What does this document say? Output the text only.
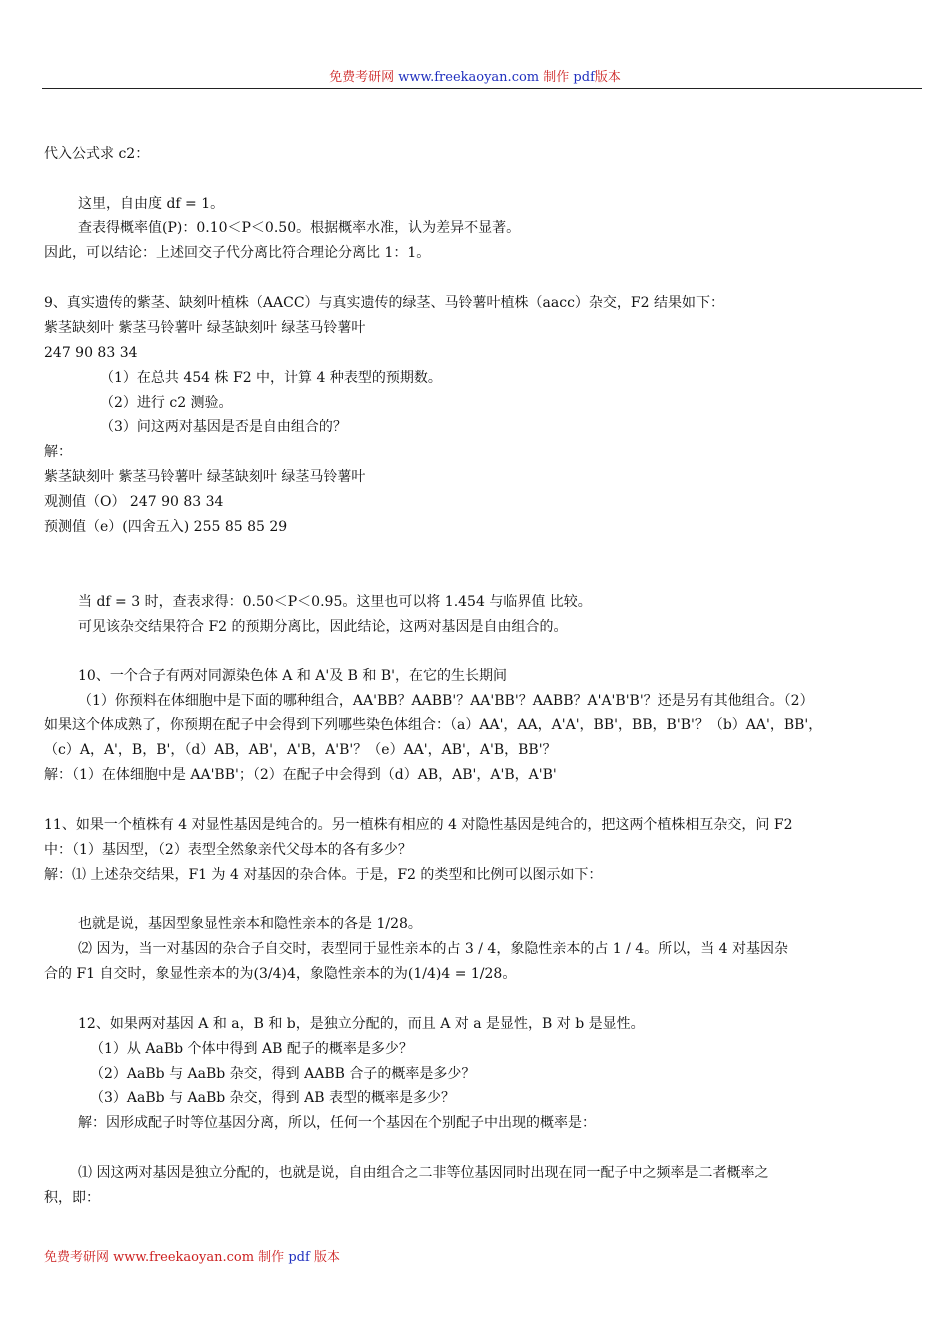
免费考研网 www.freekaoyan.com 制作 pdf版本
代入公式求 c2：
这里，自由度 df = 1。
查表得概率值(P)：0.10＜P＜0.50。根据概率水准，认为差异不显著。
因此，可以结论：上述回交子代分离比符合理论分离比 1：1。
9、真实遗传的紫茎、缺刻叶植株（AACC）与真实遗传的绿茎、马铃薯叶植株（aacc）杂交，F2 结果如下：
紫茎缺刻叶 紫茎马铃薯叶 绿茎缺刻叶 绿茎马铃薯叶
247 90 83 34
（1）在总共 454 株 F2 中，计算 4 种表型的预期数。
（2）进行 c2 测验。
（3）问这两对基因是否是自由组合的？
解：
紫茎缺刻叶 紫茎马铃薯叶 绿茎缺刻叶 绿茎马铃薯叶
观测值（O） 247 90 83 34
预测值（e）(四舍五入) 255 85 85 29
当 df = 3 时，查表求得：0.50＜P＜0.95。这里也可以将 1.454 与临界值 比较。
可见该杂交结果符合 F2 的预期分离比，因此结论，这两对基因是自由组合的。
10、一个合子有两对同源染色体 A 和 A'及 B 和 B'，在它的生长期间
（1）你预料在体细胞中是下面的哪种组合，AA'BB？AABB'？AA'BB'？AABB？A'A'B'B'？还是另有其他组合。（2）
如果这个体成熟了，你预期在配子中会得到下列哪些染色体组合：（a）AA'，AA，A'A'，BB'，BB，B'B'？（b）AA'，BB'，
（c）A，A'，B，B'，（d）AB，AB'，A'B，A'B'？（e）AA'，AB'，A'B，BB'？
解：（1）在体细胞中是 AA'BB'；（2）在配子中会得到（d）AB，AB'，A'B，A'B'
11、如果一个植株有 4 对显性基因是纯合的。另一植株有相应的 4 对隐性基因是纯合的，把这两个植株相互杂交，问 F2
中：（1）基因型，（2）表型全然象亲代父母本的各有多少？
解：⑴ 上述杂交结果，F1 为 4 对基因的杂合体。于是，F2 的类型和比例可以图示如下：
也就是说，基因型象显性亲本和隐性亲本的各是 1/28。
⑵ 因为，当一对基因的杂合子自交时，表型同于显性亲本的占 3 / 4，象隐性亲本的占 1 / 4。所以，当 4 对基因杂
合的 F1 自交时，象显性亲本的为(3/4)4，象隐性亲本的为(1/4)4 = 1/28。
12、如果两对基因 A 和 a，B 和 b，是独立分配的，而且 A 对 a 是显性，B 对 b 是显性。
（1）从 AaBb 个体中得到 AB 配子的概率是多少？
（2）AaBb 与 AaBb 杂交，得到 AABB 合子的概率是多少？
（3）AaBb 与 AaBb 杂交，得到 AB 表型的概率是多少？
解：因形成配子时等位基因分离，所以，任何一个基因在个别配子中出现的概率是：
⑴ 因这两对基因是独立分配的，也就是说，自由组合之二非等位基因同时出现在同一配子中之频率是二者概率之
积，即：
免费考研网 www.freekaoyan.com 制作 pdf 版本
